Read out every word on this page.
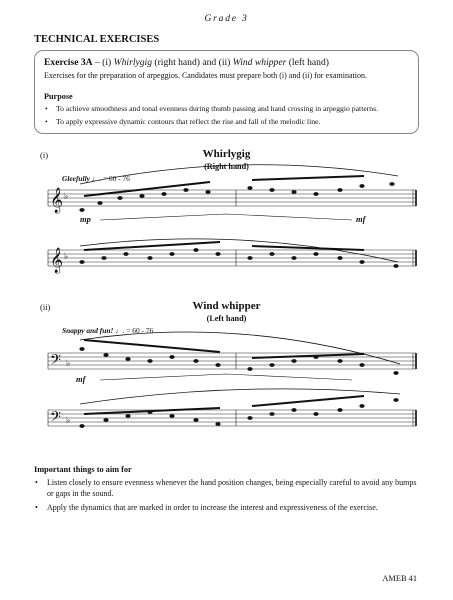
Grade 3
TECHNICAL EXERCISES
Exercise 3A – (i) Whirlygig (right hand) and (ii) Wind whipper (left hand)
Exercises for the preparation of arpeggios. Candidates must prepare both (i) and (ii) for examination.
Purpose
• To achieve smoothness and tonal evenness during thumb passing and hand crossing in arpeggio patterns.
• To apply expressive dynamic contours that reflect the rise and fall of the melodic line.
(i)	Whirlygig
(Right hand)
Gleefully ♩. = 60 - 76
mp	mf
(ii)	Wind whipper
(Left hand)
Snappy and fun! ♩. = 60 - 76
mf
𝄞
𝄞
𝄢
𝄢
♭
♭
♭
♭
Important things to aim for
• Listen closely to ensure evenness whenever the hand position changes, being especially careful to avoid any bumps or gaps in the sound.
• Apply the dynamics that are marked in order to increase the interest and expressiveness of the exercise.
AMEB 41
